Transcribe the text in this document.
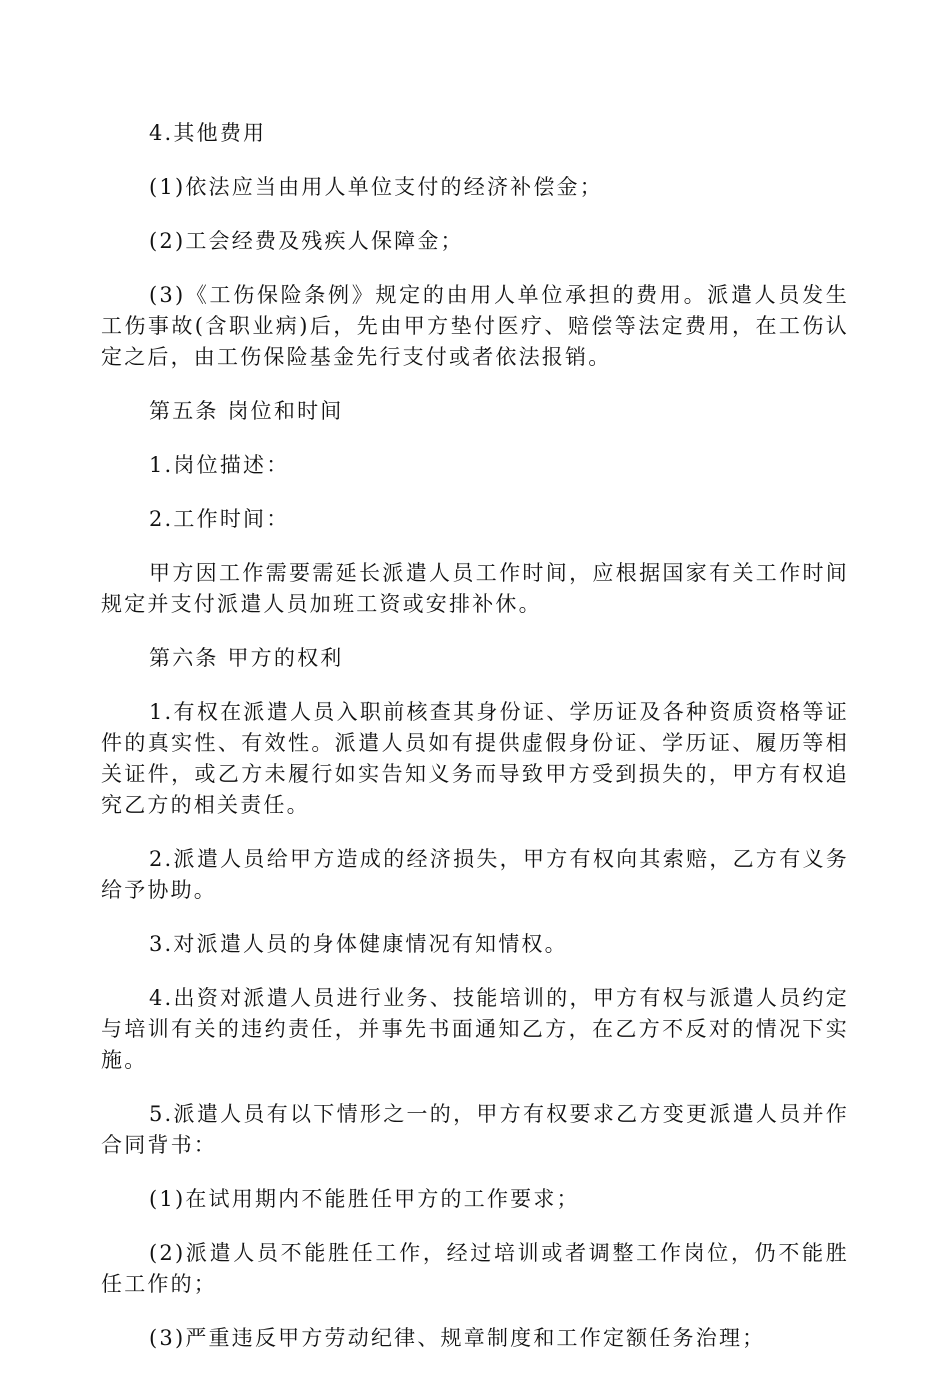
4.其他费用

(1)依法应当由用人单位支付的经济补偿金；

(2)工会经费及残疾人保障金；

(3)《工伤保险条例》规定的由用人单位承担的费用。派遣人员发生工伤事故(含职业病)后，先由甲方垫付医疗、赔偿等法定费用，在工伤认定之后，由工伤保险基金先行支付或者依法报销。

第五条 岗位和时间

1.岗位描述：

2.工作时间：

甲方因工作需要需延长派遣人员工作时间，应根据国家有关工作时间规定并支付派遣人员加班工资或安排补休。

第六条 甲方的权利

1.有权在派遣人员入职前核查其身份证、学历证及各种资质资格等证件的真实性、有效性。派遣人员如有提供虚假身份证、学历证、履历等相关证件，或乙方未履行如实告知义务而导致甲方受到损失的，甲方有权追究乙方的相关责任。

2.派遣人员给甲方造成的经济损失，甲方有权向其索赔，乙方有义务给予协助。

3.对派遣人员的身体健康情况有知情权。

4.出资对派遣人员进行业务、技能培训的，甲方有权与派遣人员约定与培训有关的违约责任，并事先书面通知乙方，在乙方不反对的情况下实施。

5.派遣人员有以下情形之一的，甲方有权要求乙方变更派遣人员并作合同背书：

(1)在试用期内不能胜任甲方的工作要求；

(2)派遣人员不能胜任工作，经过培训或者调整工作岗位，仍不能胜任工作的；

(3)严重违反甲方劳动纪律、规章制度和工作定额任务治理；
